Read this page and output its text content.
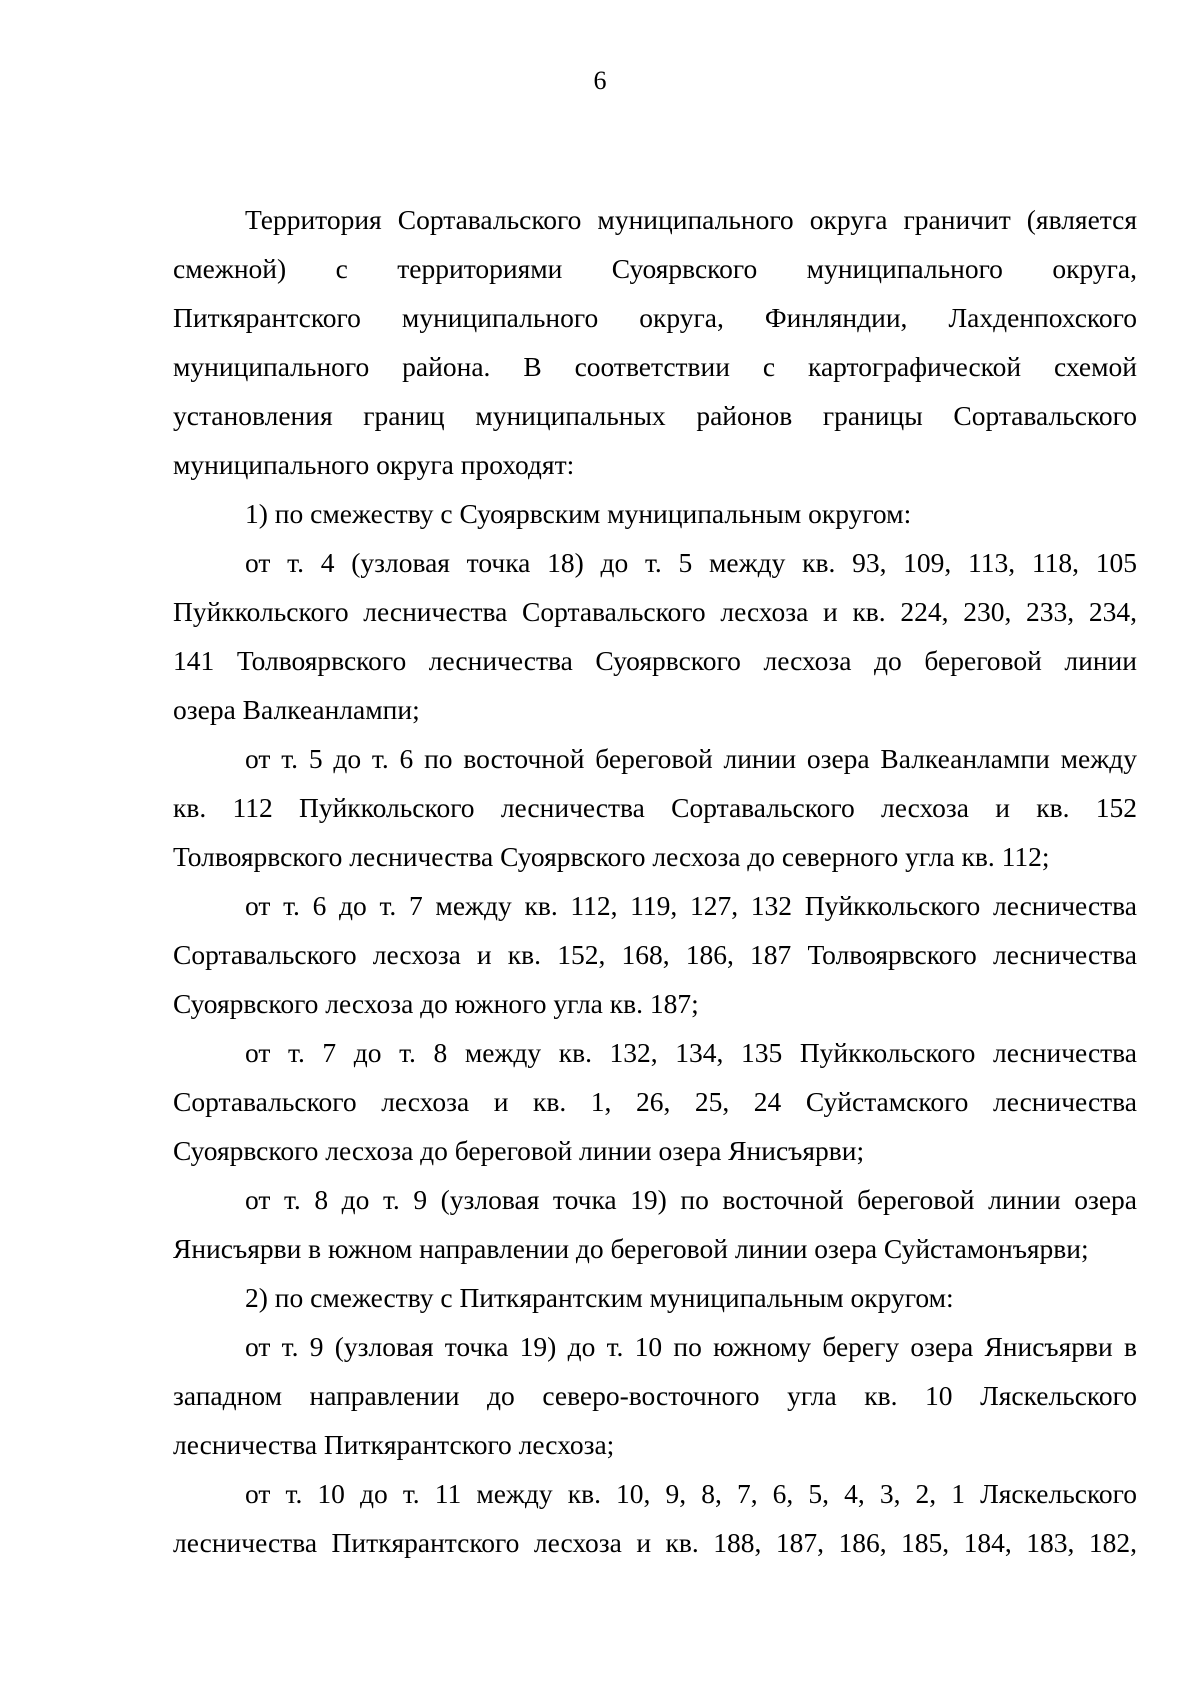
6
Территория Сортавальского муниципального округа граничит (является
смежной) с территориями Суоярвского муниципального округа,
Питкярантского муниципального округа, Финляндии, Лахденпохского
муниципального района. В соответствии с картографической схемой
установления границ муниципальных районов границы Сортавальского
муниципального округа проходят:
1) по смежеству с Суоярвским муниципальным округом:
от т. 4 (узловая точка 18) до т. 5 между кв. 93, 109, 113, 118, 105
Пуйккольского лесничества Сортавальского лесхоза и кв. 224, 230, 233, 234,
141 Толвоярвского лесничества Суоярвского лесхоза до береговой линии
озера Валкеанлампи;
от т. 5 до т. 6 по восточной береговой линии озера Валкеанлампи между
кв. 112 Пуйккольского лесничества Сортавальского лесхоза и кв. 152
Толвоярвского лесничества Суоярвского лесхоза до северного угла кв. 112;
от т. 6 до т. 7 между кв. 112, 119, 127, 132 Пуйккольского лесничества
Сортавальского лесхоза и кв. 152, 168, 186, 187 Толвоярвского лесничества
Суоярвского лесхоза до южного угла кв. 187;
от т. 7 до т. 8 между кв. 132, 134, 135 Пуйккольского лесничества
Сортавальского лесхоза и кв. 1, 26, 25, 24 Суйстамского лесничества
Суоярвского лесхоза до береговой линии озера Янисъярви;
от т. 8 до т. 9 (узловая точка 19) по восточной береговой линии озера
Янисъярви в южном направлении до береговой линии озера Суйстамонъярви;
2) по смежеству с Питкярантским муниципальным округом:
от т. 9 (узловая точка 19) до т. 10 по южному берегу озера Янисъярви в
западном направлении до северо-восточного угла кв. 10 Ляскельского
лесничества Питкярантского лесхоза;
от т. 10 до т. 11 между кв. 10, 9, 8, 7, 6, 5, 4, 3, 2, 1 Ляскельского
лесничества Питкярантского лесхоза и кв. 188, 187, 186, 185, 184, 183, 182,
